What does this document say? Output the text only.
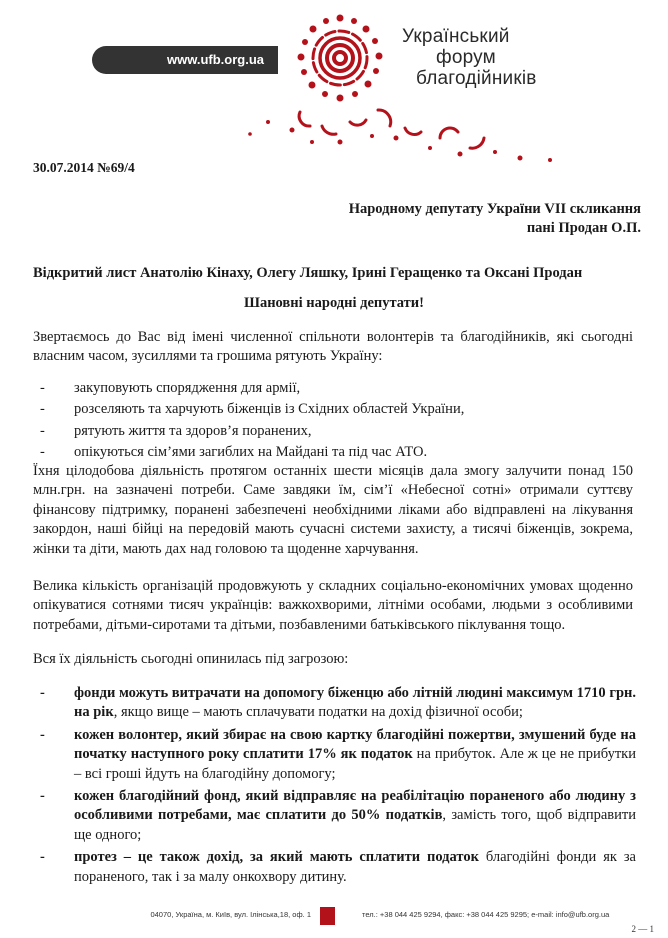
www.ufb.org.ua
Український
форум
благодійників
30.07.2014 №69/4
Народному депутату України VII скликання
пані Продан О.П.
Відкритий лист Анатолію Кінаху, Олегу Ляшку, Ірині Геращенко та Оксані Продан
Шановні народні депутати!
Звертаємось до Вас від імені численної спільноти волонтерів та благодійників, які сьогодні власним часом, зусиллями та грошима рятують Україну:
- закуповують спорядження для армії,
- розселяють та харчують біженців із Східних областей України,
- рятують життя та здоров’я поранених,
- опікуються сім’ями загиблих на Майдані та під час АТО.
Їхня цілодобова діяльність протягом останніх шести місяців дала змогу залучити понад 150 млн.грн. на зазначені потреби. Саме завдяки їм, сім’ї «Небесної сотні» отримали суттєву фінансову підтримку, поранені забезпечені необхідними ліками або відправлені на лікування закордон, наші бійці на передовій мають сучасні системи захисту, а тисячі біженців, зокрема, жінки та діти, мають дах над головою та щоденне харчування.
Велика кількість організацій продовжують у складних соціально-економічних умовах щоденно опікуватися сотнями тисяч українців: важкохворими, літніми особами, людьми з особливими потребами, дітьми-сиротами та дітьми, позбавленими батьківського піклування тощо.
Вся їх діяльність сьогодні опинилась під загрозою:
- фонди можуть витрачати на допомогу біженцю або літній людині максимум 1710 грн. на рік, якщо вище – мають сплачувати податки на дохід фізичної особи;
- кожен волонтер, який збирає на свою картку благодійні пожертви, змушений буде на початку наступного року сплатити 17% як податок на прибуток. Але ж це не прибутки – всі гроші йдуть на благодійну допомогу;
- кожен благодійний фонд, який відправляє на реабілітацію пораненого або людину з особливими потребами, має сплатити до 50% податків, замість того, щоб відправити ще одного;
- протез – це також дохід, за який мають сплатити податок благодійні фонди як за пораненого, так і за малу онкохвору дитину.
04070, Україна, м. Київ, вул. Ілінська,18, оф. 1	тел.: +38 044 425 9294, факс: +38 044 425 9295; e-mail: info@ufb.org.ua
2 — 1
